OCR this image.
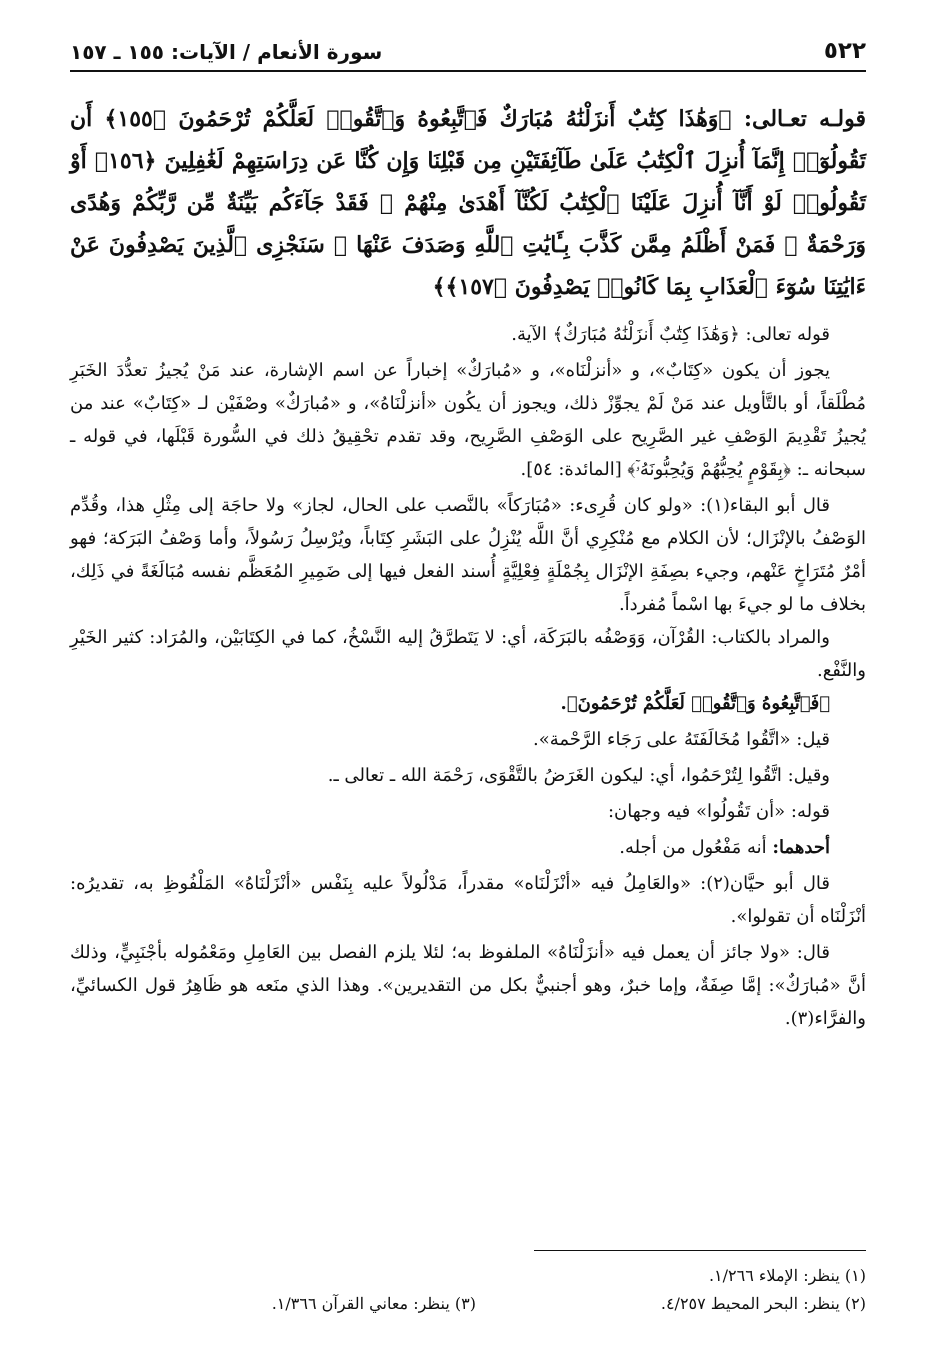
٥٢٢
سورة الأنعام / الآيات: ١٥٥ ـ ١٥٧
قولـه تعـالى: ﴿وَهَٰذَا كِتَٰبٌ أَنزَلْنَٰهُ مُبَارَكٌ فَٱتَّبِعُوهُ وَٱتَّقُوا۟ لَعَلَّكُمْ تُرْحَمُونَ ﴿١٥٥﴾ أَن تَقُولُوٓا۟ إِنَّمَآ أُنزِلَ ٱلْكِتَٰبُ عَلَىٰ طَآئِفَتَيْنِ مِن قَبْلِنَا وَإِن كُنَّا عَن دِرَاسَتِهِمْ لَغَٰفِلِينَ ﴿١٥٦﴾ أَوْ تَقُولُوا۟ لَوْ أَنَّآ أُنزِلَ عَلَيْنَا ٱلْكِتَٰبُ لَكُنَّآ أَهْدَىٰ مِنْهُمْ ۚ فَقَدْ جَآءَكُم بَيِّنَةٌ مِّن رَّبِّكُمْ وَهُدًى وَرَحْمَةٌ ۚ فَمَنْ أَظْلَمُ مِمَّن كَذَّبَ بِـَٔايَٰتِ ٱللَّهِ وَصَدَفَ عَنْهَا ۗ سَنَجْزِى ٱلَّذِينَ يَصْدِفُونَ عَنْ ءَايَٰتِنَا سُوٓءَ ٱلْعَذَابِ بِمَا كَانُوا۟ يَصْدِفُونَ ﴿١٥٧﴾﴾

قوله تعالى: ﴿وَهَٰذَا كِتَٰبٌ أَنزَلْنَٰهُ مُبَارَكٌ﴾ الآية.

يجوز أن يكون «كِتَابٌ»، و «أنزلْنَاه»، و «مُبارَكٌ» إخباراً عن اسم الإشارة، عند مَنْ يُجيزُ تعدُّدَ الخَبَرِ مُطْلَقاً، أو بالتَّأويل عند مَنْ لَمْ يجوِّزْ ذلك، ويجوز أن يكُون «أنزلْنَاهُ»، و «مُبارَكٌ» وصْفَيْن لـ «كِتَابٌ» عند من يُجيزُ تَقْدِيمَ الوَصْفِ غير الصَّرِيح على الوَصْفِ الصَّرِيح، وقد تقدم تحْقِيقُ ذلك في السُّورة قَبْلَها، في قوله ـ سبحانه ـ: ﴿بِقَوْمٍ يُحِبُّهُمْ وَيُحِبُّونَهُۥٓ﴾ [المائدة: ٥٤].

قال أبو البقاء(١): «ولو كان قُرِىء: «مُبَارَكاً» بالنَّصب على الحال، لجاز» ولا حاجَة إلى مِثْلِ هذا، وقُدِّم الوَصْفُ بالإنْزَال؛ لأن الكلام مع مُنْكِرِي أنَّ اللَّه يُنْزِلُ على البَشَرِ كِتَاباً، ويُرْسِلُ رَسُولاً، وأما وَصْفُ البَرَكة؛ فهو أمْرٌ مُتَرَاخٍ عَنْهم، وجيء بصِفَةِ الإنْزَال بِجُمْلَةٍ فِعْلِيَّةٍ أُسند الفعل فيها إلى ضَمِيرِ المُعَظَّم نفسه مُبَالَغَةً في ذَلِك، بخلاف ما لو جيءَ بها اسْماً مُفرداً.

والمراد بالكتاب: القُرْآن، وَوَصْفُه بالبَرَكَة، أي: لا يَتَطرَّقُ إليه النَّسْخُ، كما في الكِتَابَيْن، والمُرَاد: كثير الخَيْرِ والنَّفْع.

﴿فَٱتَّبِعُوهُ وَٱتَّقُوا۟ لَعَلَّكُمْ تُرْحَمُونَ﴾.

قيل: «اتَّقُوا مُخَالَفَتَهُ على رَجَاء الرَّحْمة».

وقيل: اتَّقُوا لِتُرْحَمُوا، أي: ليكون الغَرَضُ بالتَّقْوَى، رَحْمَة الله ـ تعالى ـ.

قوله: «أن تَقُولُوا» فيه وجهان:

أحدهما: أنه مَفْعُول من أجله.

قال أبو حيَّان(٢): «والعَامِلُ فيه «أنْزَلْنَاه» مقدراً، مَدْلُولاً عليه بِنَفْس «أنْزَلْنَاهُ» المَلْفُوظِ به، تقديرُه: أنْزَلْنَاه أن تقولوا».

قال: «ولا جائز أن يعمل فيه «أنزَلْنَاهُ» الملفوظ به؛ لئلا يلزم الفصل بين العَامِلِ ومَعْمُوله بأجْنَبِيٍّ، وذلك أنَّ «مُبارَكٌ»: إمَّا صِفَةٌ، وإما خبرٌ، وهو أجنبيٌّ بكل من التقديرين». وهذا الذي منَعه هو ظَاهِرُ قول الكسائيِّ، والفرَّاء(٣).

(١) ينظر: الإملاء ١/٢٦٦.
(٢) ينظر: البحر المحيط ٤/٢٥٧.
(٣) ينظر: معاني القرآن ١/٣٦٦.
